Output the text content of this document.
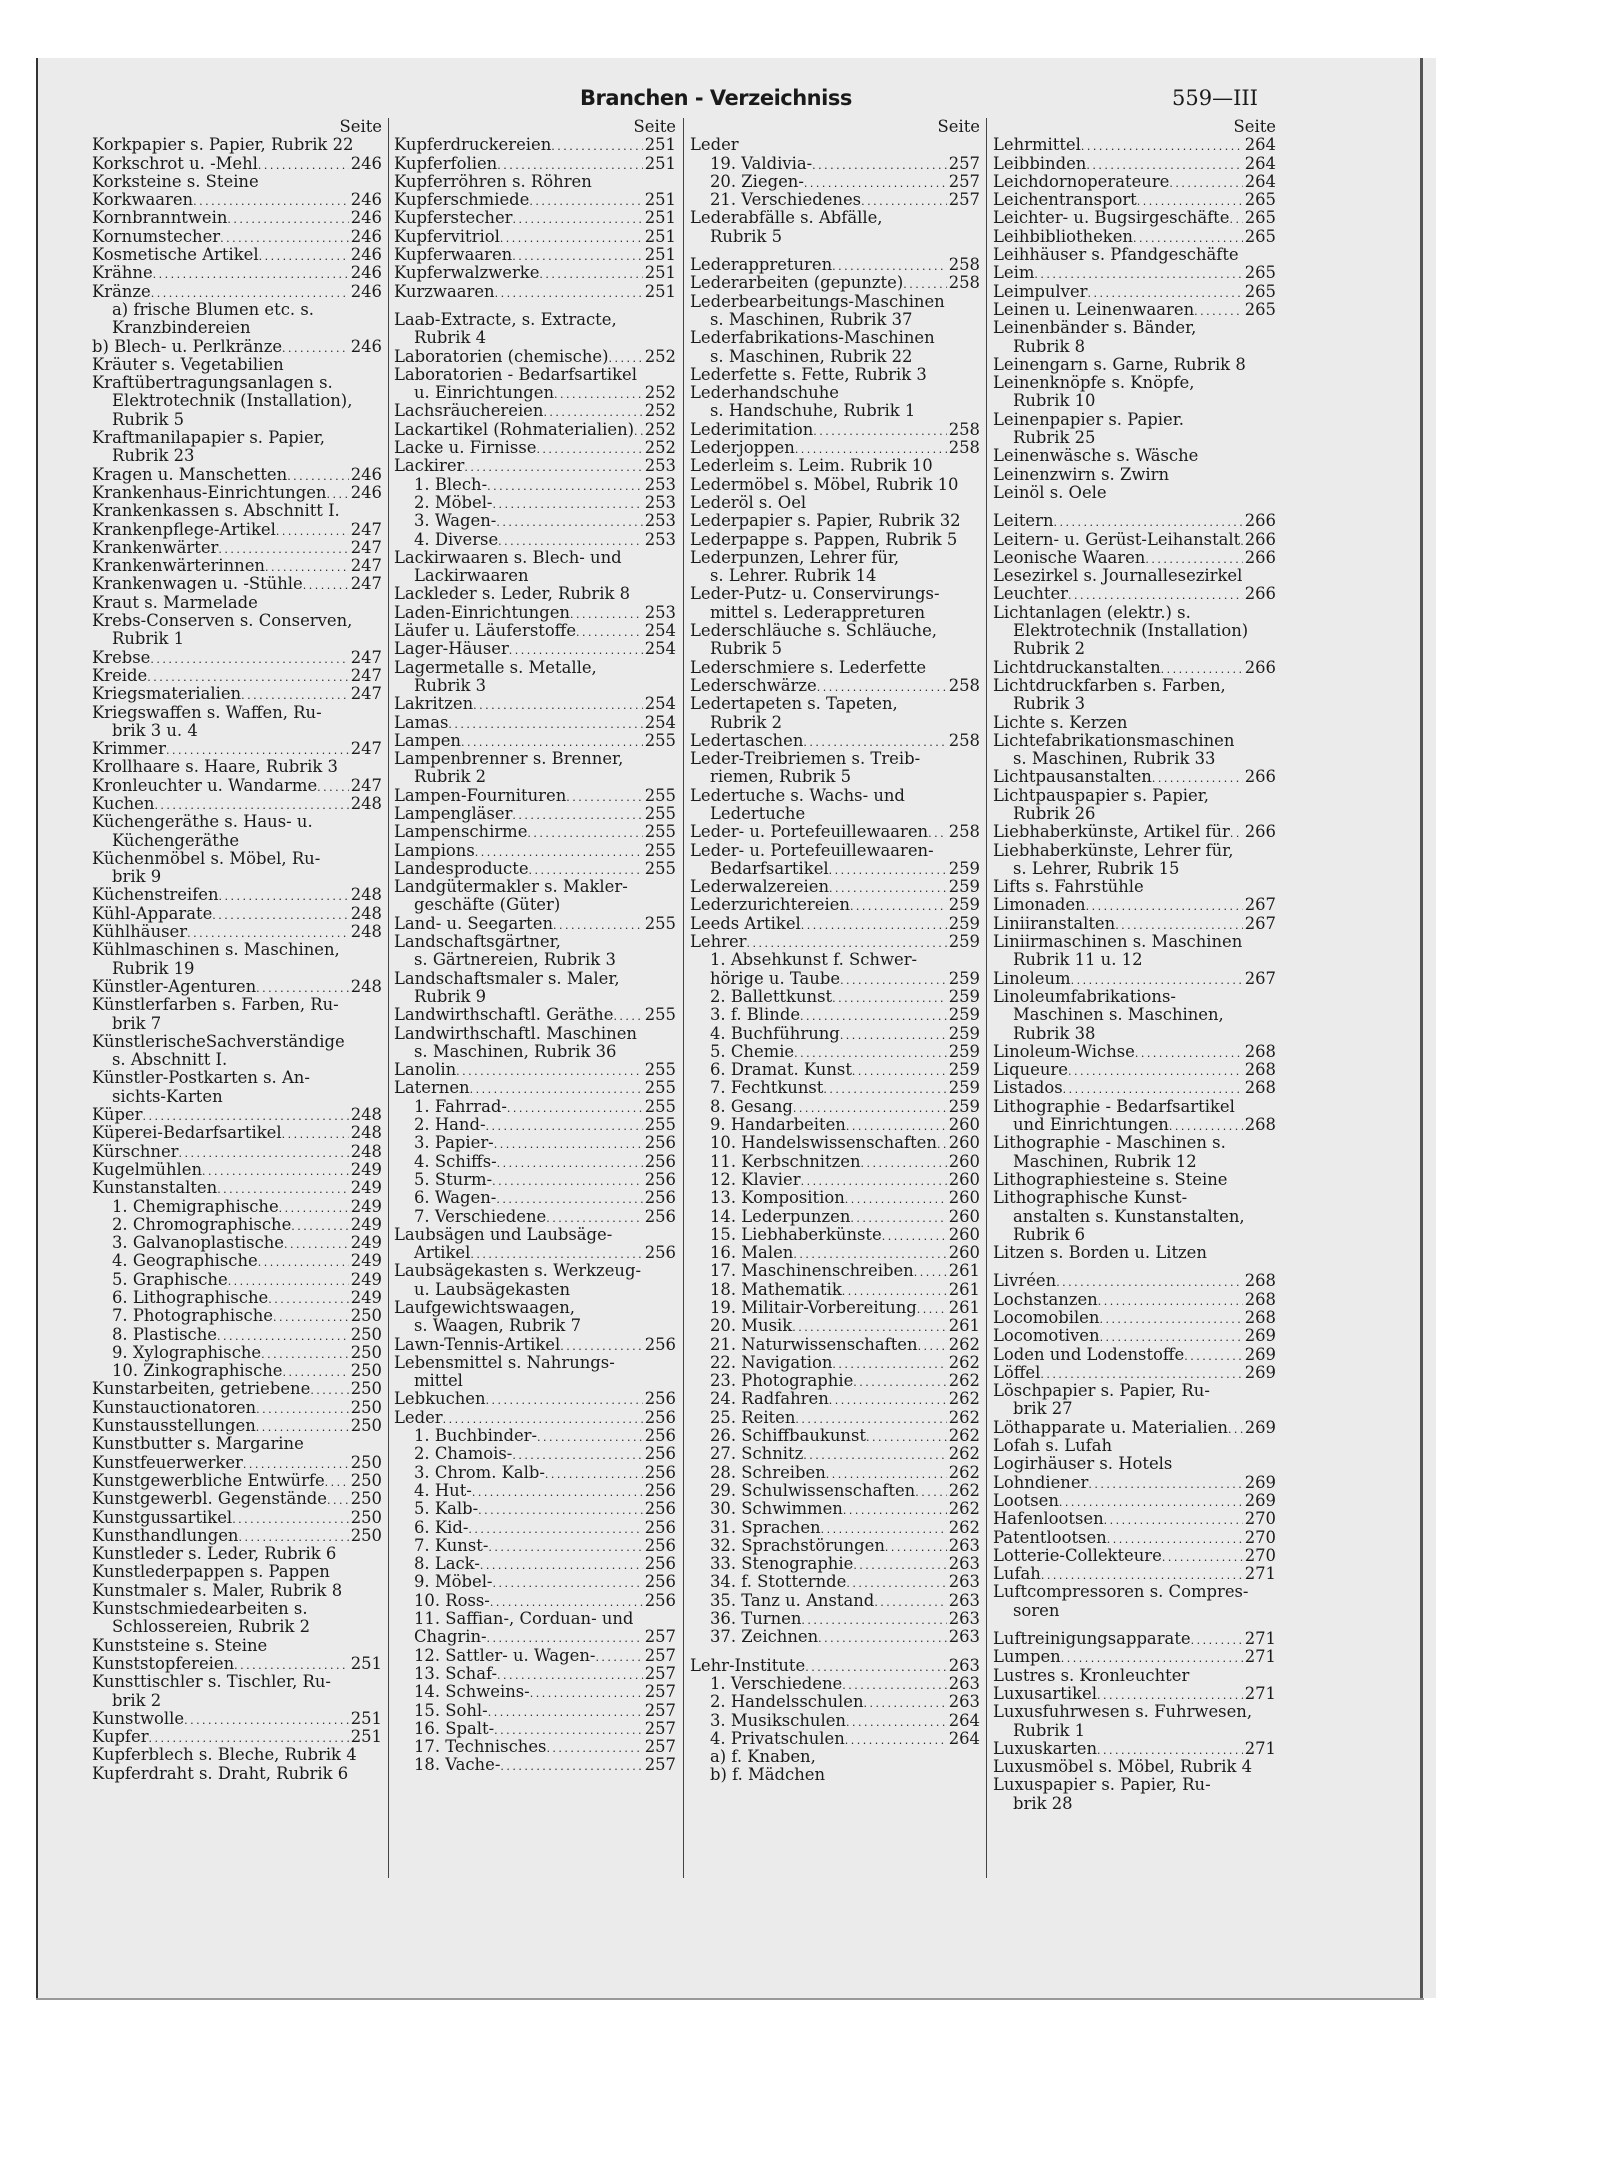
Branchen - Verzeichniss	559—III
Seite
Korkpapier s. Papier, Rubrik 22
Korkschrot u. -Mehl . . .	246
Korksteine s. Steine
Korkwaaren . . .	246
Kornbranntwein . . .	246
Kornumstecher . . .	246
Kosmetische Artikel . . .	246
Krähne . . .	246
Kränze . . .	246
a) frische Blumen etc. s.
Kranzbindereien
b) Blech- u. Perlkränze . . .	246
Kräuter s. Vegetabilien
Kraftübertragungsanlagen s.
Elektrotechnik (Installation),
Rubrik 5
Kraftmanilapapier s. Papier,
Rubrik 23
Kragen u. Manschetten . . .	246
Krankenhaus-Einrichtungen . . . 246
Krankenkassen s. Abschnitt I.
Krankenpflege-Artikel . . .	247
Krankenwärter . . .	247
Krankenwärterinnen . . .	247
Krankenwagen u. -Stühle . . .	247
Kraut s. Marmelade
Krebs-Conserven s. Conserven,
Rubrik 1
Krebse . . .	247
Kreide . . .	247
Kriegsmaterialien . . .	247
Kriegswaffen s. Waffen, Ru-
brik 3 u. 4
Krimmer . . .	247
Krollhaare s. Haare, Rubrik 3
Kronleuchter u. Wandarme . . . 247
Kuchen . . .	248
Küchengeräthe s. Haus- u.
Küchengeräthe
Küchenmöbel s. Möbel, Ru-
brik 9
Küchenstreifen . . .	248
Kühl-Apparate . . .	248
Kühlhäuser . . .	248
Kühlmaschinen s. Maschinen,
Rubrik 19
Künstler-Agenturen . . .	248
Künstlerfarben s. Farben, Ru-
brik 7
KünstlerischeSachverständige
s. Abschnitt I.
Künstler-Postkarten s. An-
sichts-Karten
Küper . . .	248
Küperei-Bedarfsartikel . . .	248
Kürschner . . .	248
Kugelmühlen . . .	249
Kunstanstalten . . .	249
1. Chemigraphische . . .	249
2. Chromographische . . .	249
3. Galvanoplastische . . .	249
4. Geographische . . .	249
5. Graphische . . .	249
6. Lithographische . . .	249
7. Photographische . . .	250
8. Plastische . . .	250
9. Xylographische . . .	250
10. Zinkographische . . .	250
Kunstarbeiten, getriebene . . . 250
Kunstauctionatoren . . .	250
Kunstausstellungen . . .	250
Kunstbutter s. Margarine
Kunstfeuerwerker . . .	250
Kunstgewerbliche Entwürfe . . . 250
Kunstgewerbl. Gegenstände . . . 250
Kunstgussartikel . . .	250
Kunsthandlungen . . .	250
Kunstleder s. Leder, Rubrik 6
Kunstlederpappen s. Pappen
Kunstmaler s. Maler, Rubrik 8
Kunstschmiedearbeiten s.
Schlossereien, Rubrik 2
Kunststeine s. Steine
Kunststopfereien . . .	251
Kunsttischler s. Tischler, Ru-
brik 2
Kunstwolle . . .	251
Kupfer . . .	251
Kupferblech s. Bleche, Rubrik 4
Kupferdraht s. Draht, Rubrik 6
Seite
Kupferdruckereien . . .	251
Kupferfolien . . .	251
Kupferröhren s. Röhren
Kupferschmiede . . .	251
Kupferstecher . . .	251
Kupfervitriol . . .	251
Kupferwaaren . . .	251
Kupferwalzwerke . . .	251
Kurzwaaren . . .	251
Laab-Extracte, s. Extracte,
Rubrik 4
Laboratorien (chemische) . . . 252
Laboratorien - Bedarfsartikel
u. Einrichtungen . . .	252
Lachsräuchereien . . .	252
Lackartikel (Rohmaterialien) . . . 252
Lacke u. Firnisse . . .	252
Lackirer . . .	253
1. Blech- . . .	253
2. Möbel- . . .	253
3. Wagen- . . .	253
4. Diverse . . .	253
Lackirwaaren s. Blech- und
Lackirwaaren
Lackleder s. Leder, Rubrik 8
Laden-Einrichtungen . . .	253
Läufer u. Läuferstoffe . . .	254
Lager-Häuser . . .	254
Lagermetalle s. Metalle,
Rubrik 3
Lakritzen . . .	254
Lamas . . .	254
Lampen . . .	255
Lampenbrenner s. Brenner,
Rubrik 2
Lampen-Fournituren . . .	255
Lampengläser . . .	255
Lampenschirme . . .	255
Lampions . . .	255
Landesproducte . . .	255
Landgütermakler s. Makler-
geschäfte (Güter)
Land- u. Seegarten . . .	255
Landschaftsgärtner,
s. Gärtnereien, Rubrik 3
Landschaftsmaler s. Maler,
Rubrik 9
Landwirthschaftl. Geräthe . . . 255
Landwirthschaftl. Maschinen
s. Maschinen, Rubrik 36
Lanolin . . .	255
Laternen . . .	255
1. Fahrrad- . . .	255
2. Hand- . . .	255
3. Papier- . . .	256
4. Schiffs- . . .	256
5. Sturm- . . .	256
6. Wagen- . . .	256
7. Verschiedene . . .	256
Laubsägen und Laubsäge-
Artikel . . .	256
Laubsägekasten s. Werkzeug-
u. Laubsägekasten
Laufgewichtswaagen,
s. Waagen, Rubrik 7
Lawn-Tennis-Artikel . . .	256
Lebensmittel s. Nahrungs-
mittel
Lebkuchen . . .	256
Leder . . .	256
1. Buchbinder- . . .	256
2. Chamois- . . .	256
3. Chrom. Kalb- . . .	256
4. Hut- . . .	256
5. Kalb- . . .	256
6. Kid- . . .	256
7. Kunst- . . .	256
8. Lack- . . .	256
9. Möbel- . . .	256
10. Ross- . . .	256
11. Saffian-, Corduan- und
Chagrin- . . .	257
12. Sattler- u. Wagen- . . .	257
13. Schaf- . . .	257
14. Schweins- . . .	257
15. Sohl- . . .	257
16. Spalt- . . .	257
17. Technisches . . .	257
18. Vache- . . .	257
Seite
Leder
19. Valdivia- . . .	257
20. Ziegen- . . .	257
21. Verschiedenes . . .	257
Lederabfälle s. Abfälle,
Rubrik 5
Lederappreturen . . .	258
Lederarbeiten (gepunzte) . . .	258
Lederbearbeitungs-Maschinen
s. Maschinen, Rubrik 37
Lederfabrikations-Maschinen
s. Maschinen, Rubrik 22
Lederfette s. Fette, Rubrik 3
Lederhandschuhe
s. Handschuhe, Rubrik 1
Lederimitation . . .	258
Lederjoppen . . .	258
Lederleim s. Leim. Rubrik 10
Ledermöbel s. Möbel, Rubrik 10
Lederöl s. Oel
Lederpapier s. Papier, Rubrik 32
Lederpappe s. Pappen, Rubrik 5
Lederpunzen, Lehrer für,
s. Lehrer. Rubrik 14
Leder-Putz- u. Conservirungs-
mittel s. Lederappreturen
Lederschläuche s. Schläuche,
Rubrik 5
Lederschmiere s. Lederfette
Lederschwärze . . .	258
Ledertapeten s. Tapeten,
Rubrik 2
Ledertaschen . . .	258
Leder-Treibriemen s. Treib-
riemen, Rubrik 5
Ledertuche s. Wachs- und
Ledertuche
Leder- u. Portefeuillewaaren . . . 258
Leder- u. Portefeuillewaaren-
Bedarfsartikel . . .	259
Lederwalzereien . . .	259
Lederzurichtereien . . .	259
Leeds Artikel . . .	259
Lehrer . . .	259
1. Absehkunst f. Schwer-
hörige u. Taube . . .	259
2. Ballettkunst . . .	259
3. f. Blinde . . .	259
4. Buchführung . . .	259
5. Chemie . . .	259
6. Dramat. Kunst . . .	259
7. Fechtkunst . . .	259
8. Gesang . . .	259
9. Handarbeiten . . .	260
10. Handelswissenschaften . . . 260
11. Kerbschnitzen . . .	260
12. Klavier . . .	260
13. Komposition . . .	260
14. Lederpunzen . . .	260
15. Liebhaberkünste . . .	260
16. Malen . . .	260
17. Maschinenschreiben . . . 261
18. Mathematik . . .	261
19. Militair-Vorbereitung . . . 261
20. Musik . . .	261
21. Naturwissenschaften . . . 262
22. Navigation . . .	262
23. Photographie . . .	262
24. Radfahren . . .	262
25. Reiten . . .	262
26. Schiffbaukunst . . .	262
27. Schnitz . . .	262
28. Schreiben . . .	262
29. Schulwissenschaften . . . 262
30. Schwimmen . . .	262
31. Sprachen . . .	262
32. Sprachstörungen . . .	263
33. Stenographie . . .	263
34. f. Stotternde . . .	263
35. Tanz u. Anstand . . .	263
36. Turnen . . .	263
37. Zeichnen . . .	263
Lehr-Institute . . .	263
1. Verschiedene . . .	263
2. Handelsschulen . . .	263
3. Musikschulen . . .	264
4. Privatschulen . . .	264
a) f. Knaben,
b) f. Mädchen
Seite
Lehrmittel . . .	264
Leibbinden . . .	264
Leichdornoperateure . . .	264
Leichentransport . . .	265
Leichter- u. Bugsirgeschäfte . . . 265
Leihbibliotheken . . .	265
Leihhäuser s. Pfandgeschäfte
Leim . . .	265
Leimpulver . . .	265
Leinen u. Leinenwaaren . . .	265
Leinenbänder s. Bänder,
Rubrik 8
Leinengarn s. Garne, Rubrik 8
Leinenknöpfe s. Knöpfe,
Rubrik 10
Leinenpapier s. Papier.
Rubrik 25
Leinenwäsche s. Wäsche
Leinenzwirn s. Zwirn
Leinöl s. Oele
Leitern . . .	266
Leitern- u. Gerüst-Leihanstalt . . . 266
Leonische Waaren . . .	266
Lesezirkel s. Journallesezirkel
Leuchter . . .	266
Lichtanlagen (elektr.) s.
Elektrotechnik (Installation)
Rubrik 2
Lichtdruckanstalten . . .	266
Lichtdruckfarben s. Farben,
Rubrik 3
Lichte s. Kerzen
Lichtefabrikationsmaschinen
s. Maschinen, Rubrik 33
Lichtpausanstalten . . .	266
Lichtpauspapier s. Papier,
Rubrik 26
Liebhaberkünste, Artikel für . . . 266
Liebhaberkünste, Lehrer für,
s. Lehrer, Rubrik 15
Lifts s. Fahrstühle
Limonaden . . .	267
Liniiranstalten . . .	267
Liniirmaschinen s. Maschinen
Rubrik 11 u. 12
Linoleum . . .	267
Linoleumfabrikations-
Maschinen s. Maschinen,
Rubrik 38
Linoleum-Wichse . . .	268
Liqueure . . .	268
Listados . . .	268
Lithographie - Bedarfsartikel
und Einrichtungen . . .	268
Lithographie - Maschinen s.
Maschinen, Rubrik 12
Lithographiesteine s. Steine
Lithographische Kunst-
anstalten s. Kunstanstalten,
Rubrik 6
Litzen s. Borden u. Litzen
Livréen . . .	268
Lochstanzen . . .	268
Locomobilen . . .	268
Locomotiven . . .	269
Loden und Lodenstoffe . . .	269
Löffel . . .	269
Löschpapier s. Papier, Ru-
brik 27
Löthapparate u. Materialien . . . 269
Lofah s. Lufah
Logirhäuser s. Hotels
Lohndiener . . .	269
Lootsen . . .	269
Hafenlootsen . . .	270
Patentlootsen . . .	270
Lotterie-Collekteure . . .	270
Lufah . . .	271
Luftcompressoren s. Compres-
soren
Luftreinigungsapparate . . .	271
Lumpen . . .	271
Lustres s. Kronleuchter
Luxusartikel . . .	271
Luxusfuhrwesen s. Fuhrwesen,
Rubrik 1
Luxuskarten . . .	271
Luxusmöbel s. Möbel, Rubrik 4
Luxuspapier s. Papier, Ru-
brik 28
